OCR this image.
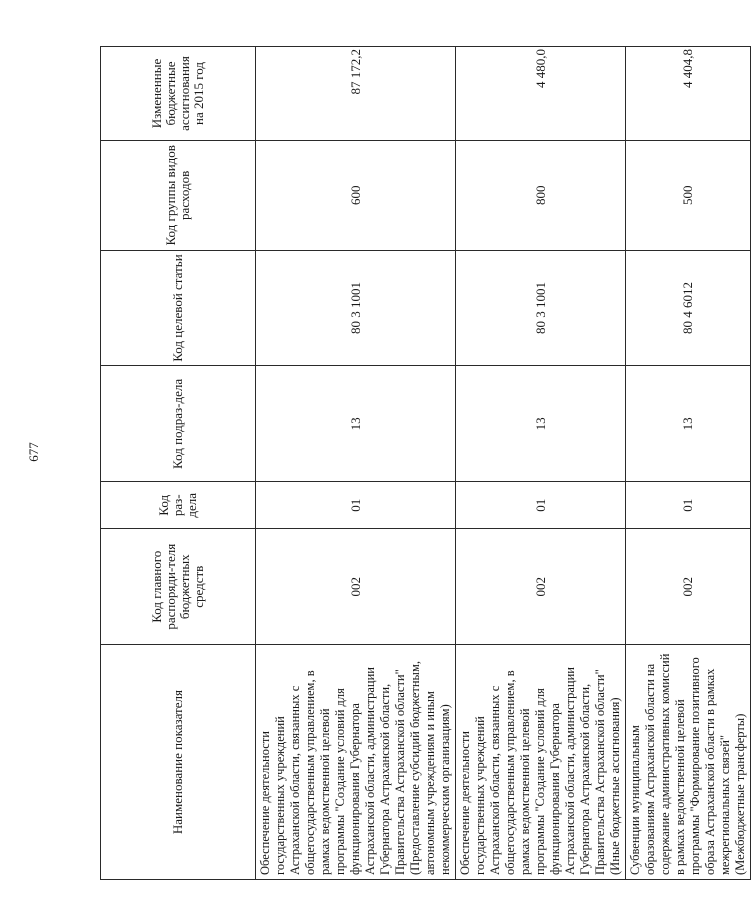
677
Наименование показателя	Код главного распоряди-теля бюджетных средств	Код раз-дела	Код подраз-дела	Код целевой статьи	Код группы видов расходов	Измененные бюджетные ассигнования на 2015 год
Обеспечение деятельности государственных учреждений Астраханской области, связанных с общегосударственным управлением, в рамках ведомственной целевой программы "Создание условий для функционирования Губернатора Астраханской области, администрации Губернатора Астраханской области, Правительства Астраханской области" (Предоставление субсидий бюджетным, автономным учреждениям и иным некоммерческим организациям)	002	01	13	80 3 1001	600	87 172,2
Обеспечение деятельности государственных учреждений Астраханской области, связанных с общегосударственным управлением, в рамках ведомственной целевой программы "Создание условий для функционирования Губернатора Астраханской области, администрации Губернатора Астраханской области, Правительства Астраханской области" (Иные бюджетные ассигнования)	002	01	13	80 3 1001	800	4 480,0
Субвенции муниципальным образованиям Астраханской области на содержание административных комиссий в рамках ведомственной целевой программы "Формирование позитивного образа Астраханской области в рамках межрегиональных связей" (Межбюджетные трансферты)	002	01	13	80 4 6012	500	4 404,8
